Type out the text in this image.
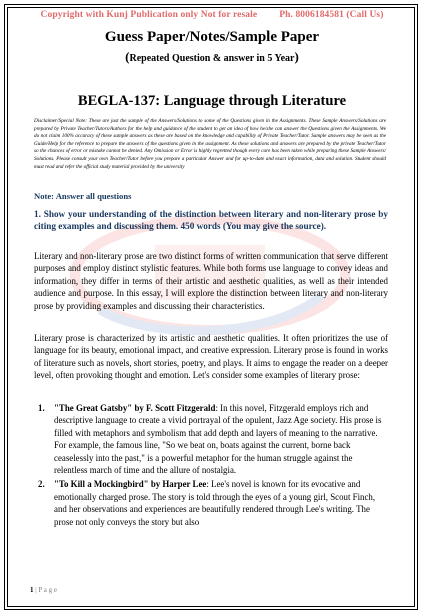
Copyright with Kunj Publication only Not for resale Ph. 8006184581 (Call Us)
Guess Paper/Notes/Sample Paper
(Repeated Question & answer in 5 Year)
BEGLA-137: Language through Literature
Disclaimer/Special Note: These are just the sample of the Answers/Solutions to some of the Questions given in the Assignments. These Sample Answers/Solutions are prepared by Private Teacher/Tutors/Authors for the help and guidance of the student to get an idea of how he/she can answer the Questions given the Assignments. We do not claim 100% accuracy of these sample answers as these are based on the knowledge and capability of Private Teacher/Tutor. Sample answers may be seen as the Guide/Help for the reference to prepare the answers of the questions given in the assignment. As these solutions and answers are prepared by the private Teacher/Tutor so the chances of error or mistake cannot be denied. Any Omission or Error is highly regretted though every care has been taken while preparing these Sample Answers/ Solutions. Please consult your own Teacher/Tutor before you prepare a particular Answer and for up-to-date and exact information, data and solution. Student should must read and refer the official study material provided by the university
Note: Answer all questions
1. Show your understanding of the distinction between literary and non-literary prose by citing examples and discussing them. 450 words (You may give the source).
Literary and non-literary prose are two distinct forms of written communication that serve different purposes and employ distinct stylistic features. While both forms use language to convey ideas and information, they differ in terms of their artistic and aesthetic qualities, as well as their intended audience and purpose. In this essay, I will explore the distinction between literary and non-literary prose by providing examples and discussing their characteristics.
Literary prose is characterized by its artistic and aesthetic qualities. It often prioritizes the use of language for its beauty, emotional impact, and creative expression. Literary prose is found in works of literature such as novels, short stories, poetry, and plays. It aims to engage the reader on a deeper level, often provoking thought and emotion. Let's consider some examples of literary prose:
1. "The Great Gatsby" by F. Scott Fitzgerald: In this novel, Fitzgerald employs rich and descriptive language to create a vivid portrayal of the opulent, Jazz Age society. His prose is filled with metaphors and symbolism that add depth and layers of meaning to the narrative. For example, the famous line, "So we beat on, boats against the current, borne back ceaselessly into the past," is a powerful metaphor for the human struggle against the relentless march of time and the allure of nostalgia.
2. "To Kill a Mockingbird" by Harper Lee: Lee's novel is known for its evocative and emotionally charged prose. The story is told through the eyes of a young girl, Scout Finch, and her observations and experiences are beautifully rendered through Lee's writing. The prose not only conveys the story but also
1 | P a g e
